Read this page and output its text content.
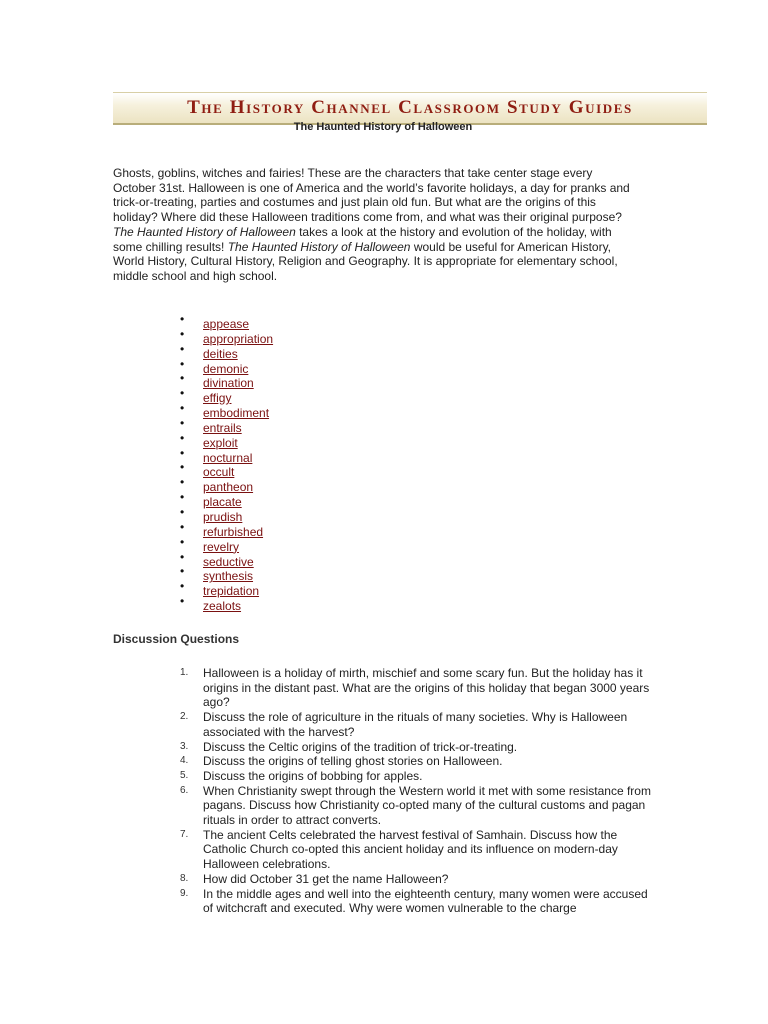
The History Channel Classroom Study Guides
The Haunted History of Halloween
Ghosts, goblins, witches and fairies! These are the characters that take center stage every October 31st. Halloween is one of America and the world’s favorite holidays, a day for pranks and trick-or-treating, parties and costumes and just plain old fun. But what are the origins of this holiday? Where did these Halloween traditions come from, and what was their original purpose? The Haunted History of Halloween takes a look at the history and evolution of the holiday, with some chilling results! The Haunted History of Halloween would be useful for American History, World History, Cultural History, Religion and Geography. It is appropriate for elementary school, middle school and high school.
• appease
• appropriation
• deities
• demonic
• divination
• effigy
• embodiment
• entrails
• exploit
• nocturnal
• occult
• pantheon
• placate
• prudish
• refurbished
• revelry
• seductive
• synthesis
• trepidation
• zealots
Discussion Questions
1. Halloween is a holiday of mirth, mischief and some scary fun. But the holiday has it origins in the distant past. What are the origins of this holiday that began 3000 years ago?
2. Discuss the role of agriculture in the rituals of many societies. Why is Halloween associated with the harvest?
3. Discuss the Celtic origins of the tradition of trick-or-treating.
4. Discuss the origins of telling ghost stories on Halloween.
5. Discuss the origins of bobbing for apples.
6. When Christianity swept through the Western world it met with some resistance from pagans. Discuss how Christianity co-opted many of the cultural customs and pagan rituals in order to attract converts.
7. The ancient Celts celebrated the harvest festival of Samhain. Discuss how the Catholic Church co-opted this ancient holiday and its influence on modern-day Halloween celebrations.
8. How did October 31 get the name Halloween?
9. In the middle ages and well into the eighteenth century, many women were accused of witchcraft and executed. Why were women vulnerable to the charge
